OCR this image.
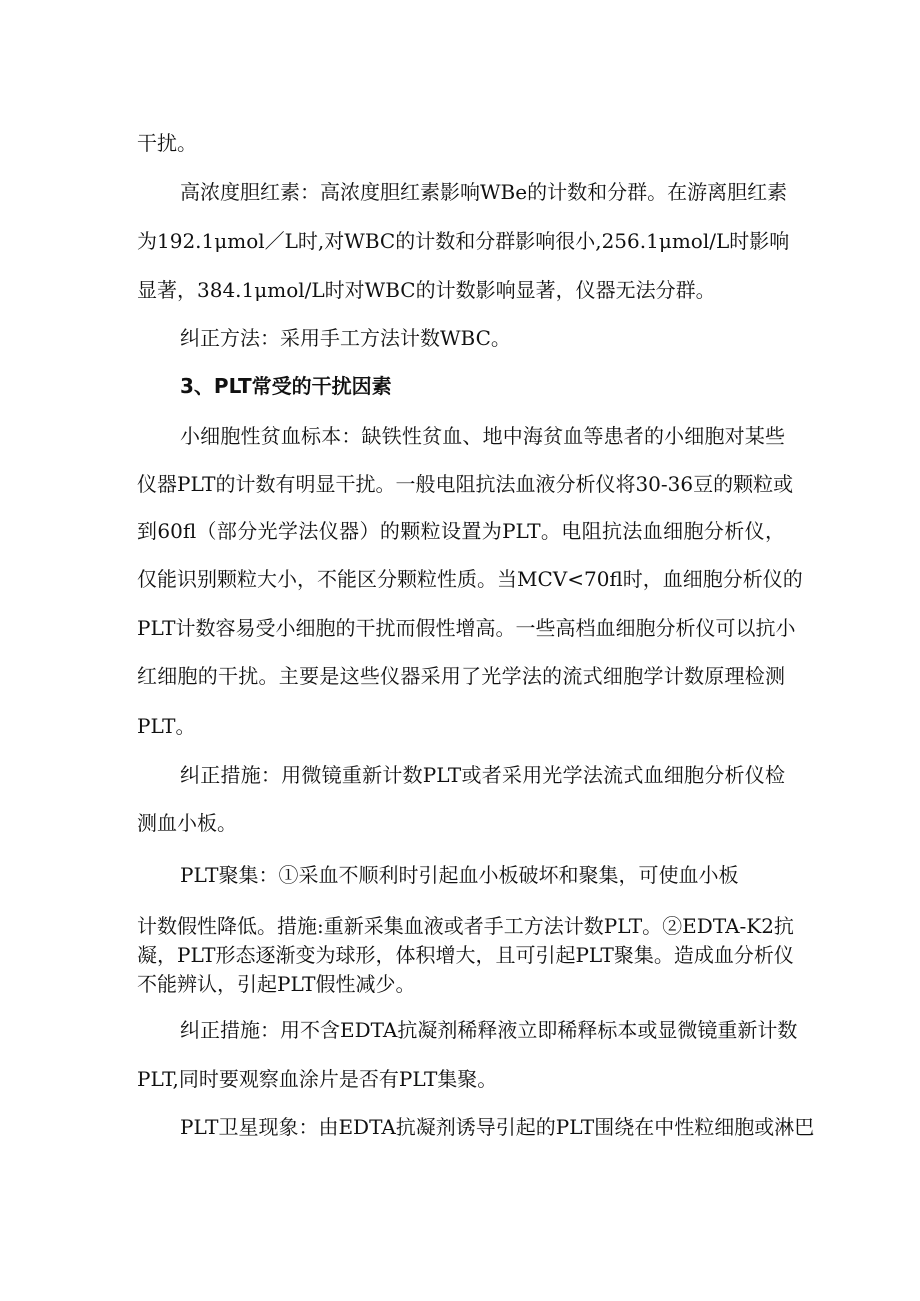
干扰。
高浓度胆红素：高浓度胆红素影响WBe的计数和分群。在游离胆红素
为192.1μmol／L时,对WBC的计数和分群影响很小,256.1μmol/L时影响
显著，384.1μmol/L时对WBC的计数影响显著，仪器无法分群。
纠正方法：采用手工方法计数WBC。
3、PLT常受的干扰因素
小细胞性贫血标本：缺铁性贫血、地中海贫血等患者的小细胞对某些
仪器PLT的计数有明显干扰。一般电阻抗法血液分析仪将30-36豆的颗粒或
到60fl（部分光学法仪器）的颗粒设置为PLT。电阻抗法血细胞分析仪，
仅能识别颗粒大小，不能区分颗粒性质。当MCV<70fl时，血细胞分析仪的
PLT计数容易受小细胞的干扰而假性增高。一些高档血细胞分析仪可以抗小
红细胞的干扰。主要是这些仪器采用了光学法的流式细胞学计数原理检测
PLT。
纠正措施：用微镜重新计数PLT或者采用光学法流式血细胞分析仪检
测血小板。
PLT聚集：①采血不顺利时引起血小板破坏和聚集，可使血小板
计数假性降低。措施:重新采集血液或者手工方法计数PLT。②EDTA-K2抗
凝，PLT形态逐渐变为球形，体积增大，且可引起PLT聚集。造成血分析仪
不能辨认，引起PLT假性减少。
纠正措施：用不含EDTA抗凝剂稀释液立即稀释标本或显微镜重新计数
PLT,同时要观察血涂片是否有PLT集聚。
PLT卫星现象：由EDTA抗凝剂诱导引起的PLT围绕在中性粒细胞或淋巴
